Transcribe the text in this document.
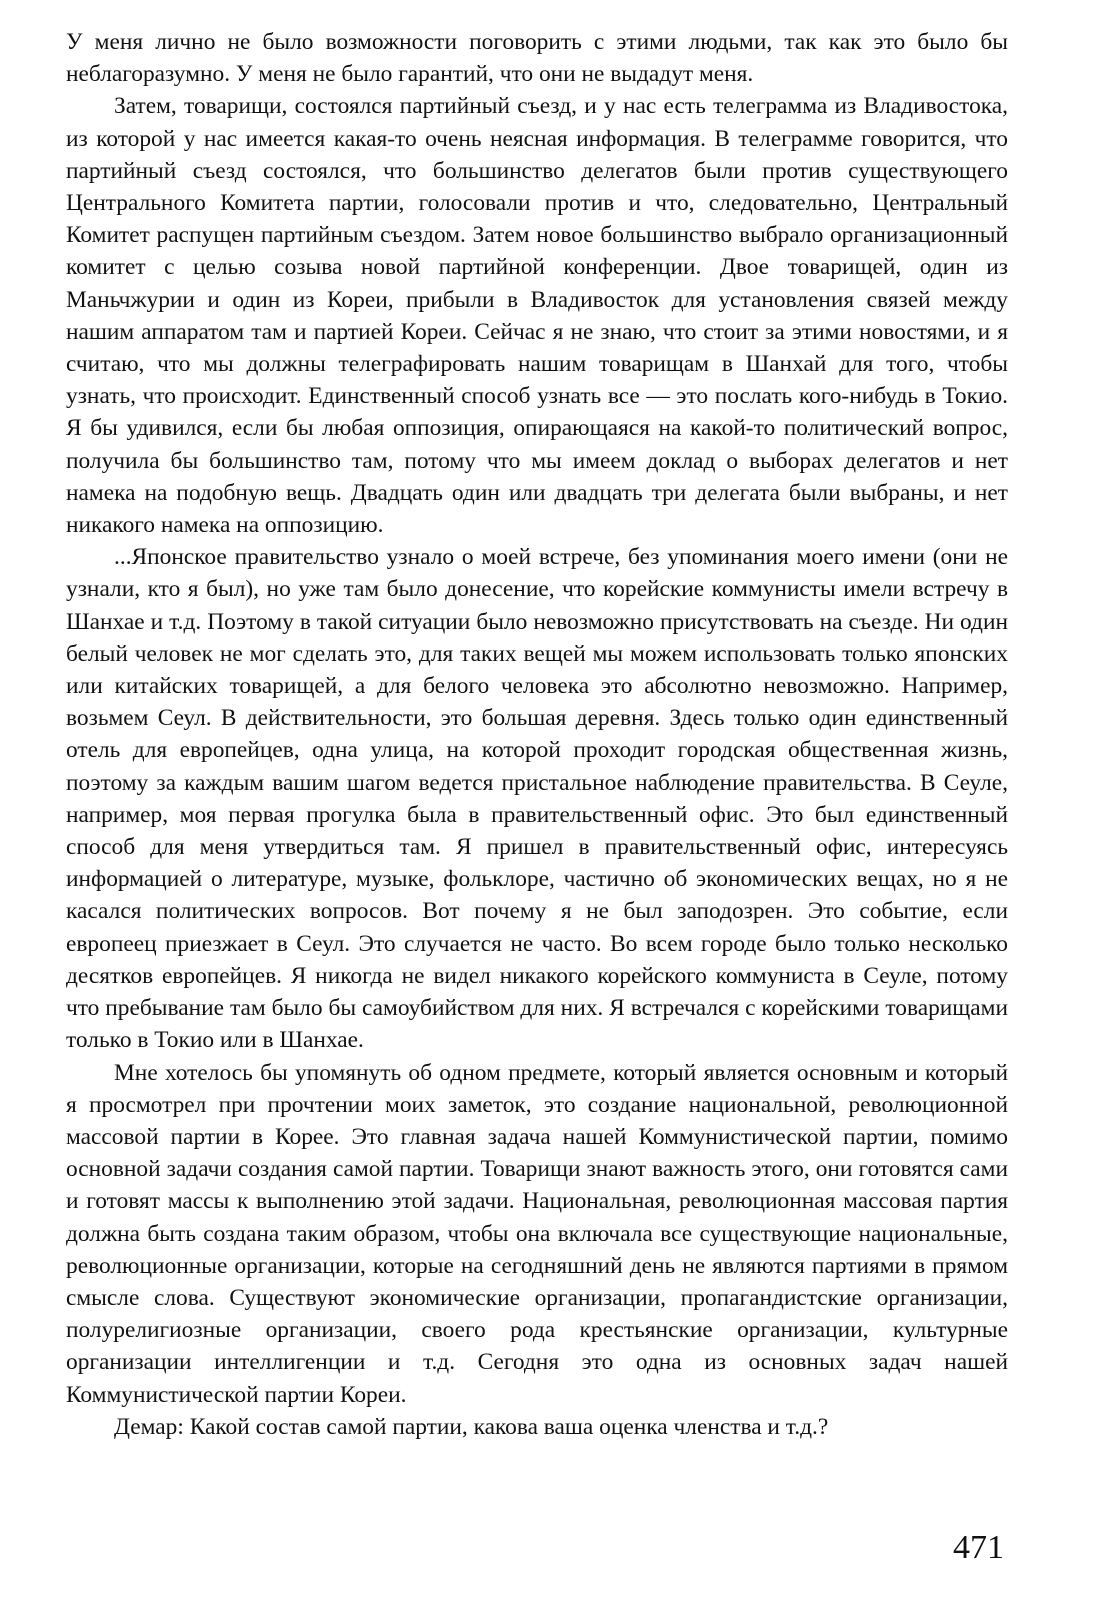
У меня лично не было возможности поговорить с этими людьми, так как это было бы неблагоразумно. У меня не было гарантий, что они не выдадут меня.

Затем, товарищи, состоялся партийный съезд, и у нас есть телеграмма из Владивостока, из которой у нас имеется какая-то очень неясная информация. В телеграмме говорится, что партийный съезд состоялся, что большинство делегатов были против существующего Центрального Комитета партии, голосовали против и что, следовательно, Центральный Комитет распущен партийным съездом. Затем новое большинство выбрало организационный комитет с целью созыва новой партийной конференции. Двое товарищей, один из Маньчжурии и один из Кореи, прибыли в Владивосток для установления связей между нашим аппаратом там и партией Кореи. Сейчас я не знаю, что стоит за этими новостями, и я считаю, что мы должны телеграфировать нашим товарищам в Шанхай для того, чтобы узнать, что происходит. Единственный способ узнать все — это послать кого-нибудь в Токио. Я бы удивился, если бы любая оппозиция, опирающаяся на какой-то политический вопрос, получила бы большинство там, потому что мы имеем доклад о выборах делегатов и нет намека на подобную вещь. Двадцать один или двадцать три делегата были выбраны, и нет никакого намека на оппозицию.

...Японское правительство узнало о моей встрече, без упоминания моего имени (они не узнали, кто я был), но уже там было донесение, что корейские коммунисты имели встречу в Шанхае и т.д. Поэтому в такой ситуации было невозможно присутствовать на съезде. Ни один белый человек не мог сделать это, для таких вещей мы можем использовать только японских или китайских товарищей, а для белого человека это абсолютно невозможно. Например, возьмем Сеул. В действительности, это большая деревня. Здесь только один единственный отель для европейцев, одна улица, на которой проходит городская общественная жизнь, поэтому за каждым вашим шагом ведется пристальное наблюдение правительства. В Сеуле, например, моя первая прогулка была в правительственный офис. Это был единственный способ для меня утвердиться там. Я пришел в правительственный офис, интересуясь информацией о литературе, музыке, фольклоре, частично об экономических вещах, но я не касался политических вопросов. Вот почему я не был заподозрен. Это событие, если европеец приезжает в Сеул. Это случается не часто. Во всем городе было только несколько десятков европейцев. Я никогда не видел никакого корейского коммуниста в Сеуле, потому что пребывание там было бы самоубийством для них. Я встречался с корейскими товарищами только в Токио или в Шанхае.

Мне хотелось бы упомянуть об одном предмете, который является основным и который я просмотрел при прочтении моих заметок, это создание национальной, революционной массовой партии в Корее. Это главная задача нашей Коммунистической партии, помимо основной задачи создания самой партии. Товарищи знают важность этого, они готовятся сами и готовят массы к выполнению этой задачи. Национальная, революционная массовая партия должна быть создана таким образом, чтобы она включала все существующие национальные, революционные организации, которые на сегодняшний день не являются партиями в прямом смысле слова. Существуют экономические организации, пропагандистские организации, полурелигиозные организации, своего рода крестьянские организации, культурные организации интеллигенции и т.д. Сегодня это одна из основных задач нашей Коммунистической партии Кореи.

Демар: Какой состав самой партии, какова ваша оценка членства и т.д.?

471
